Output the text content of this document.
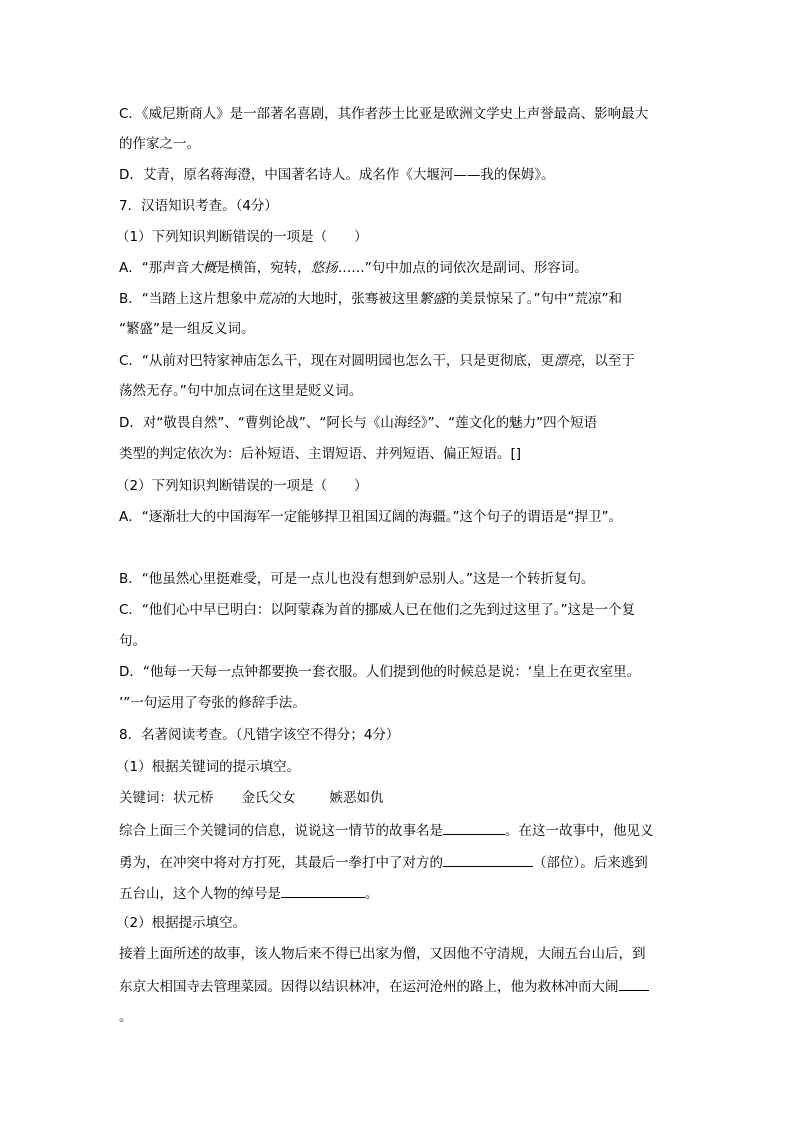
C．《威尼斯商人》是一部著名喜剧，其作者莎士比亚是欧洲文学史上声誉最高、影响最大
的作家之一。
D．艾青，原名蒋海澄，中国著名诗人。成名作《大堰河——我的保姆》。
7．汉语知识考查。（4分）
（1）下列知识判断错误的一项是（　　）
A．“那声音大概是横笛，宛转，悠扬……”句中加点的词依次是副词、形容词。
B．“当踏上这片想象中荒凉的大地时，张骞被这里繁盛的美景惊呆了。”句中“荒凉”和
“繁盛”是一组反义词。
C．“从前对巴特家神庙怎么干，现在对圆明园也怎么干，只是更彻底，更漂亮，以至于
荡然无存。”句中加点词在这里是贬义词。
D．对“敬畏自然”、“曹刿论战”、“阿长与《山海经》”、“莲文化的魅力”四个短语
类型的判定依次为：后补短语、主谓短语、并列短语、偏正短语。[]
（2）下列知识判断错误的一项是（　　）
A．“逐渐壮大的中国海军一定能够捍卫祖国辽阔的海疆。”这个句子的谓语是“捍卫”。
B．“他虽然心里挺难受，可是一点儿也没有想到妒忌别人。”这是一个转折复句。
C．“他们心中早已明白：以阿蒙森为首的挪威人已在他们之先到过这里了。”这是一个复
句。
D．“他每一天每一点钟都要换一套衣服。人们提到他的时候总是说：‘皇上在更衣室里。
’”一句运用了夸张的修辞手法。
8．名著阅读考查。（凡错字该空不得分；4分）
（1）根据关键词的提示填空。
关键词：状元桥 金氏父女	嫉恶如仇
综合上面三个关键词的信息，说说这一情节的故事名是	。在这一故事中，他见义
勇为，在冲突中将对方打死，其最后一拳打中了对方的	（部位）。后来逃到
五台山，这个人物的绰号是	。
（2）根据提示填空。
接着上面所述的故事，该人物后来不得已出家为僧，又因他不守清规，大闹五台山后，到
东京大相国寺去管理菜园。因得以结识林冲，在运河沧州的路上，他为救林冲而大闹
。
